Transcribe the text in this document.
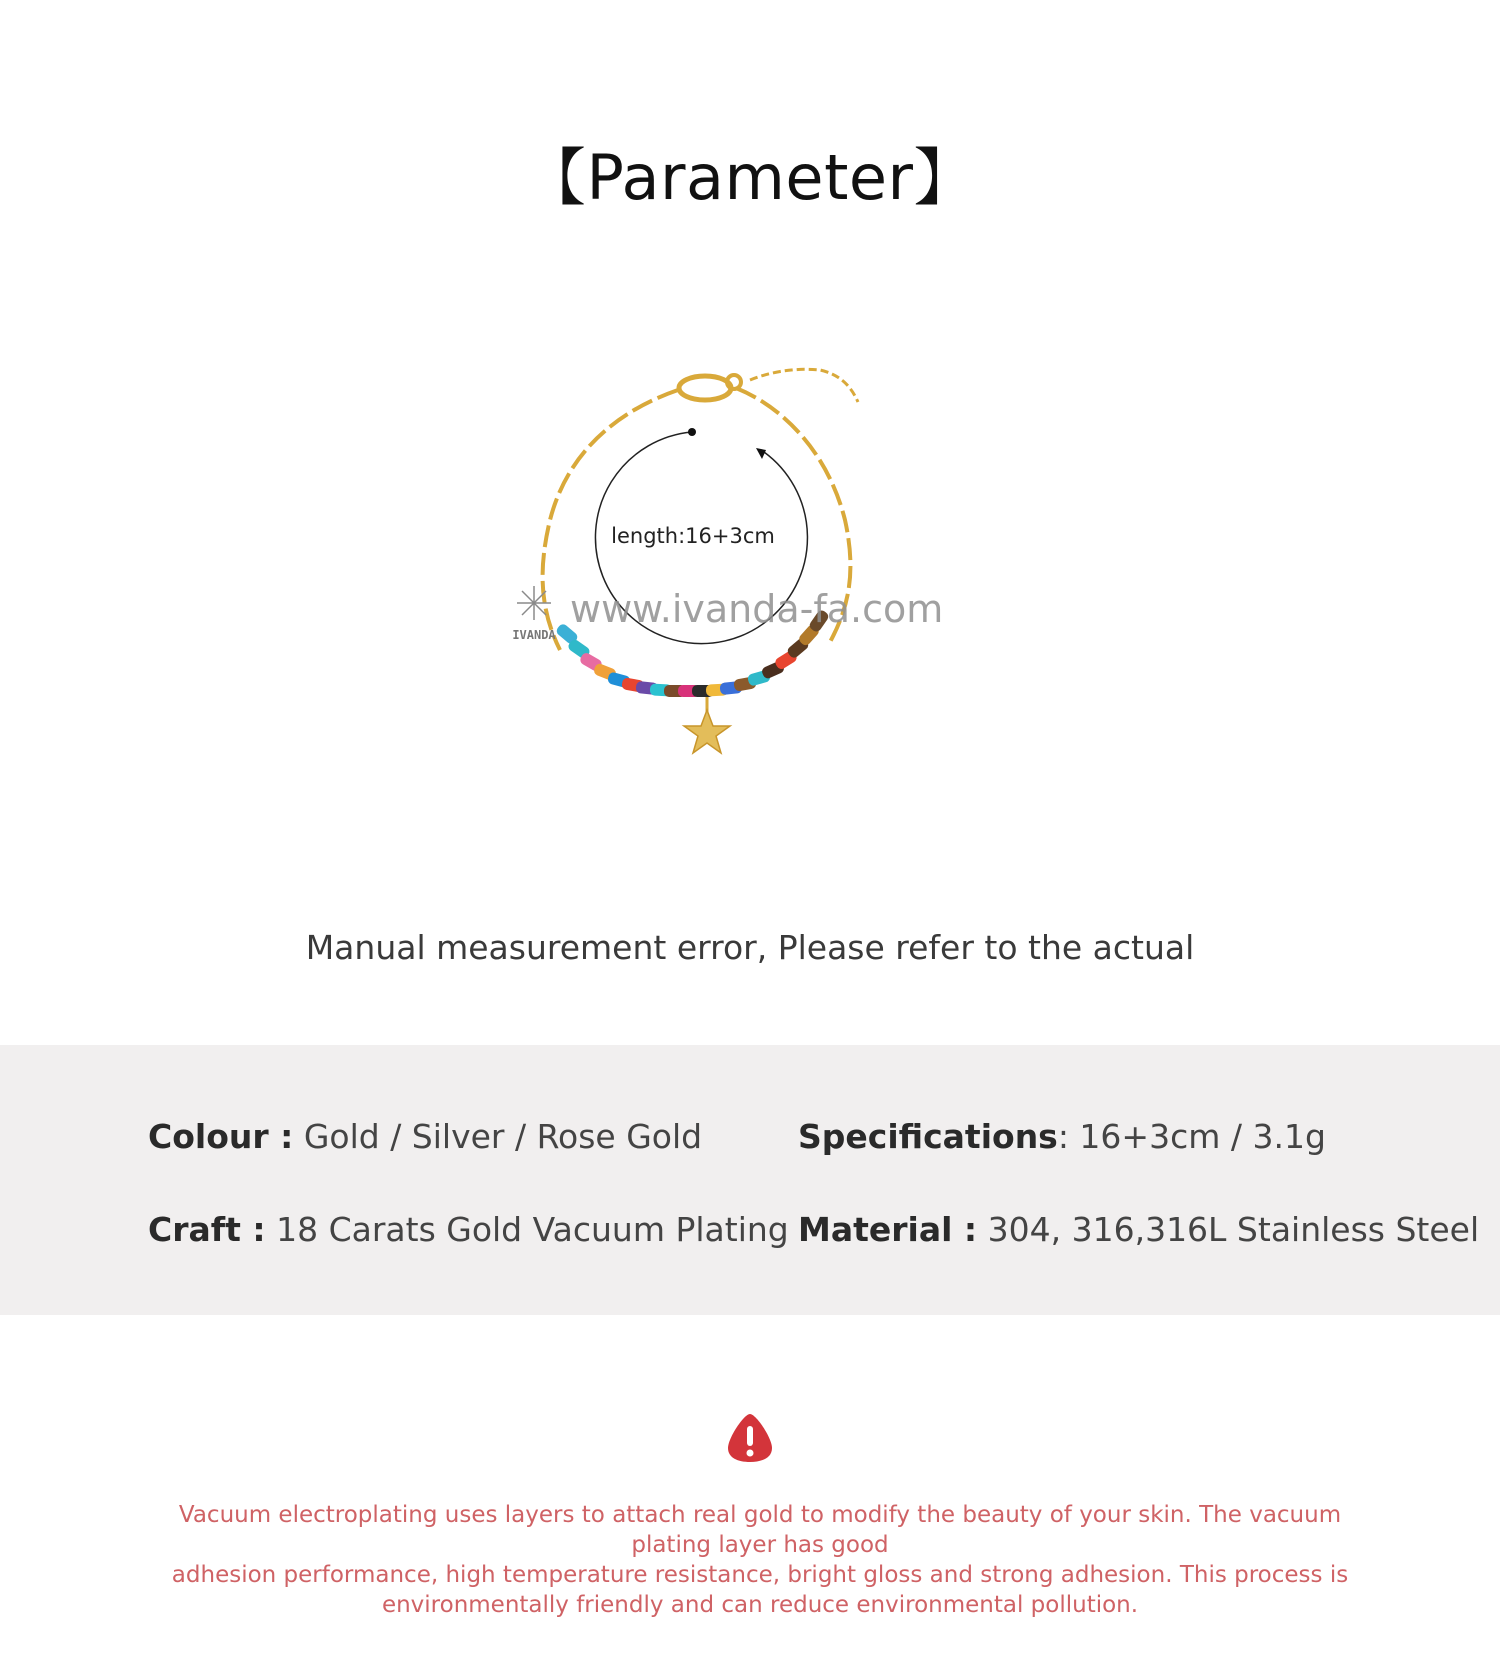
【Parameter】
IVANDA
www.ivanda-fa.com
length:16+3cm
Manual measurement error, Please refer to the actual
Colour : Gold / Silver / Rose Gold	Specifications: 16+3cm / 3.1g
Craft : 18 Carats Gold Vacuum Plating Material : 304, 316,316L Stainless Steel
Vacuum electroplating uses layers to attach real gold to modify the beauty of your skin. The vacuum plating layer has good
adhesion performance, high temperature resistance, bright gloss and strong adhesion. This process is
environmentally friendly and can reduce environmental pollution.
